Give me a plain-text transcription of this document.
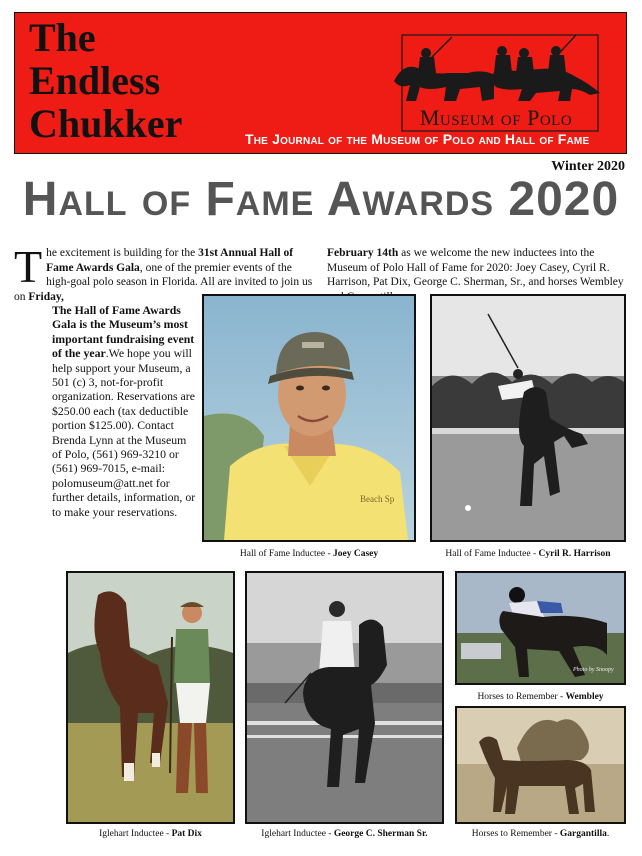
The
Endless
Chukker	Museum of Polo
The Journal of the Museum of Polo and Hall of Fame
Winter 2020
Hall of Fame Awards 2020
The excitement is building for the 31st Annual Hall of Fame Awards Gala, one of the premier events of the high-goal polo season in Florida. All are invited to join us on Friday,
February 14th as we welcome the new inductees into the Museum of Polo Hall of Fame for 2020: Joey Casey, Cyril R. Harrison, Pat Dix, George C. Sherman, Sr., and horses Wembley
The Hall of Fame Awards Gala is the Museum’s most important fundraising event of the year.We hope you will help support your Museum, a 501 (c) 3, not-for-profit organization. Reservations are $250.00 each (tax deductible portion $125.00). Contact Brenda Lynn at the Museum of Polo, (561) 969-3210 or (561) 969-7015, e-mail: polomuseum@att.net for further details, information, or to make your reservations.
Beach Sp
Hall of Fame Inductee - Joey Casey	Hall of Fame Inductee - Cyril R. Harrison
Iglehart Inductee - Pat Dix	Iglehart Inductee - George C. Sherman Sr.
Photo by Snoopy
Horses to Remember - Wembley
Horses to Remember - Gargantilla.
